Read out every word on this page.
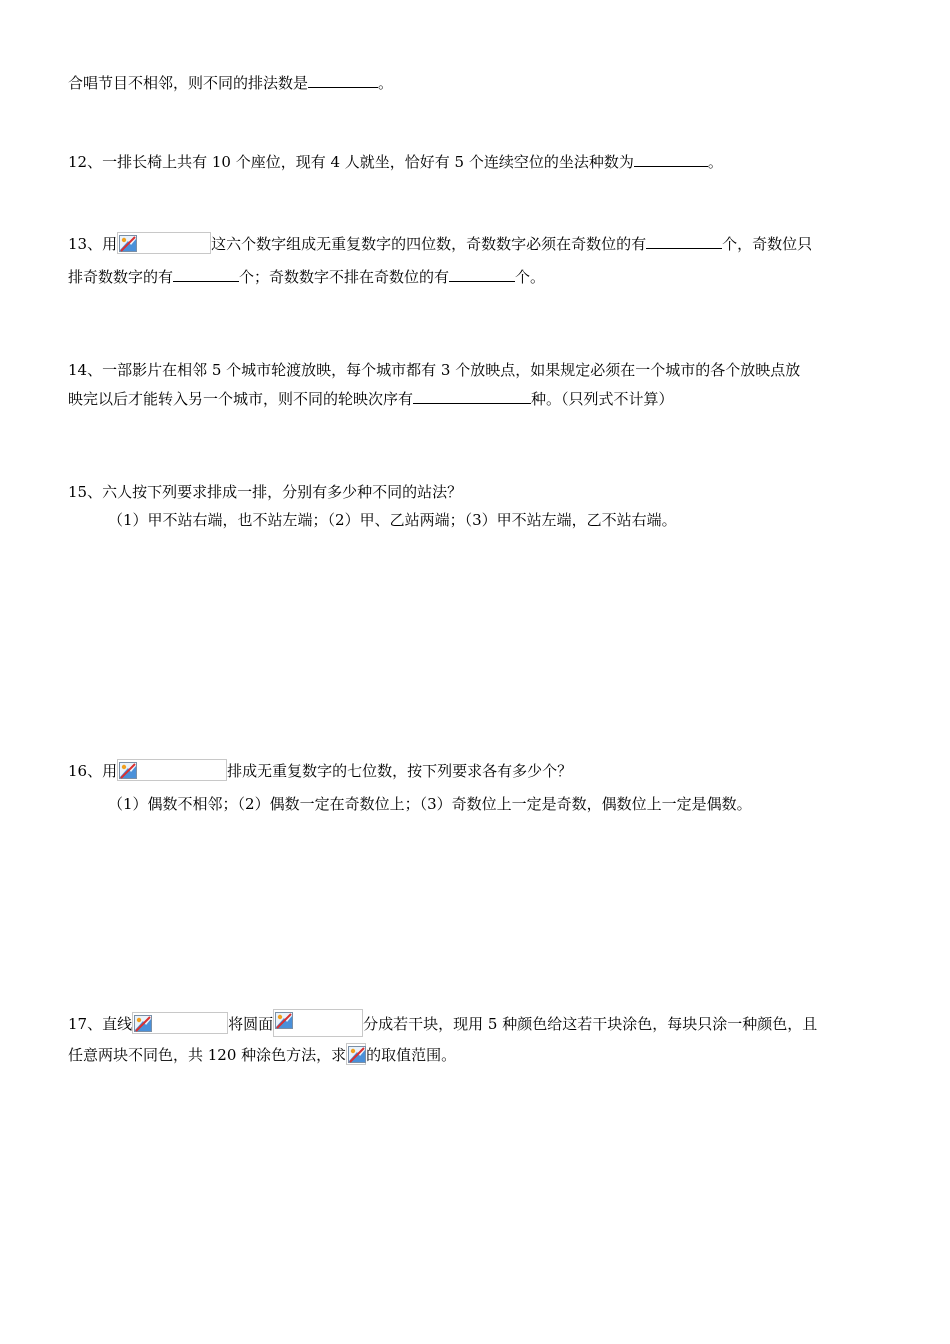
合唱节目不相邻，则不同的排法数是	。
12、一排长椅上共有 10 个座位，现有 4 人就坐，恰好有 5 个连续空位的坐法种数为	。
13、用	这六个数字组成无重复数字的四位数，奇数数字必须在奇数位的有	个，奇数位只
排奇数数字的有	个；奇数数字不排在奇数位的有	个。
14、一部影片在相邻 5 个城市轮渡放映，每个城市都有 3 个放映点，如果规定必须在一个城市的各个放映点放
映完以后才能转入另一个城市，则不同的轮映次序有	种。（只列式不计算）
15、六人按下列要求排成一排，分别有多少种不同的站法？
（1）甲不站右端，也不站左端；（2）甲、乙站两端；（3）甲不站左端，乙不站右端。
16、用	排成无重复数字的七位数，按下列要求各有多少个？
（1）偶数不相邻；（2）偶数一定在奇数位上；（3）奇数位上一定是奇数，偶数位上一定是偶数。
17、直线	将圆面	分成若干块，现用 5 种颜色给这若干块涂色，每块只涂一种颜色，且
任意两块不同色，共 120 种涂色方法，求 的取值范围。
